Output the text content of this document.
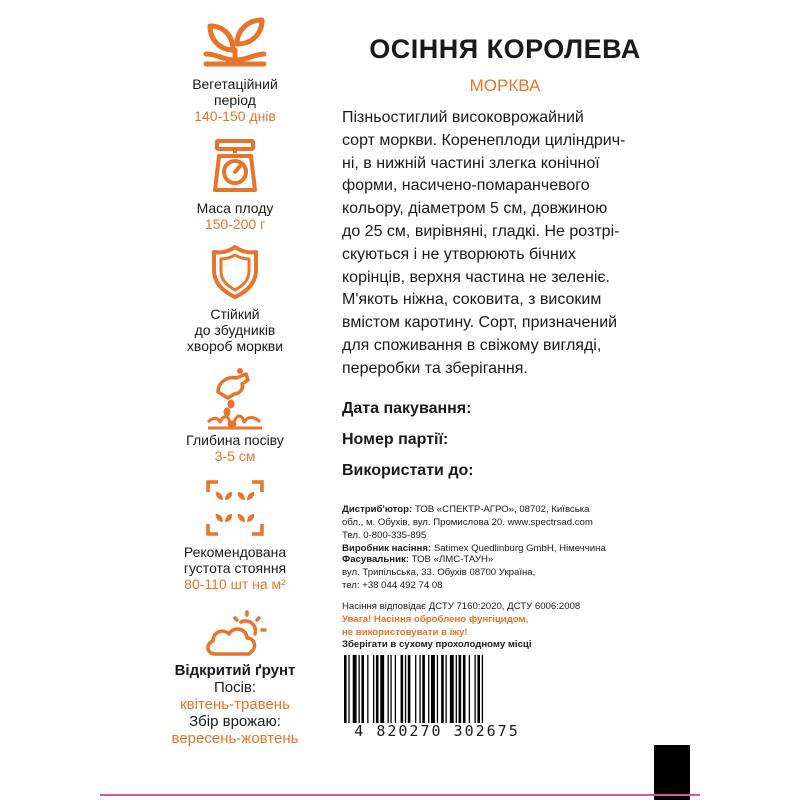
Вегетаційний
період
140-150 днів
Маса плоду
150-200 г
Стійкий
до збудників
хвороб моркви
Глибина посіву
3-5 см
Рекомендована
густота стояння
80-110 шт на м²
Відкритий ґрунт
Посів:
квітень-травень
Збір врожаю:
вересень-жовтень
ОСІННЯ КОРОЛЕВА
МОРКВА
Пізньостиглий високоврожайний
сорт моркви. Коренеплоди циліндрич-
ні, в нижній частині злегка конічної
форми, насичено-помаранчевого
кольору, діаметром 5 см, довжиною
до 25 см, вирівняні, гладкі. Не розтрі-
скуються і не утворюють бічних
корінців, верхня частина не зеленіє.
М'якоть ніжна, соковита, з високим
вмістом каротину. Сорт, призначений
для споживання в свіжому вигляді,
переробки та зберігання.
Дата пакування:
Номер партії:
Використати до:
Дистриб'ютор: ТОВ «СПЕКТР-АГРО», 08702, Київська
обл., м. Обухів, вул. Промислова 20. www.spectrsad.com
Тел. 0-800-335-895
Виробник насіння: Satimex Quedlinburg GmbH, Німеччина
Фасувальник: ТОВ «ЛМС-ТАУН»
вул. Трипільська, 33. Обухів 08700 Україна,
тел: +38 044 492 74 08
Насіння відповідає ДСТУ 7160:2020, ДСТУ 6006:2008
Увага! Насіння оброблено фунгіцидом,
не використовувати в їжу!
Зберігати в сухому прохолодному місці
4 820270 302675
